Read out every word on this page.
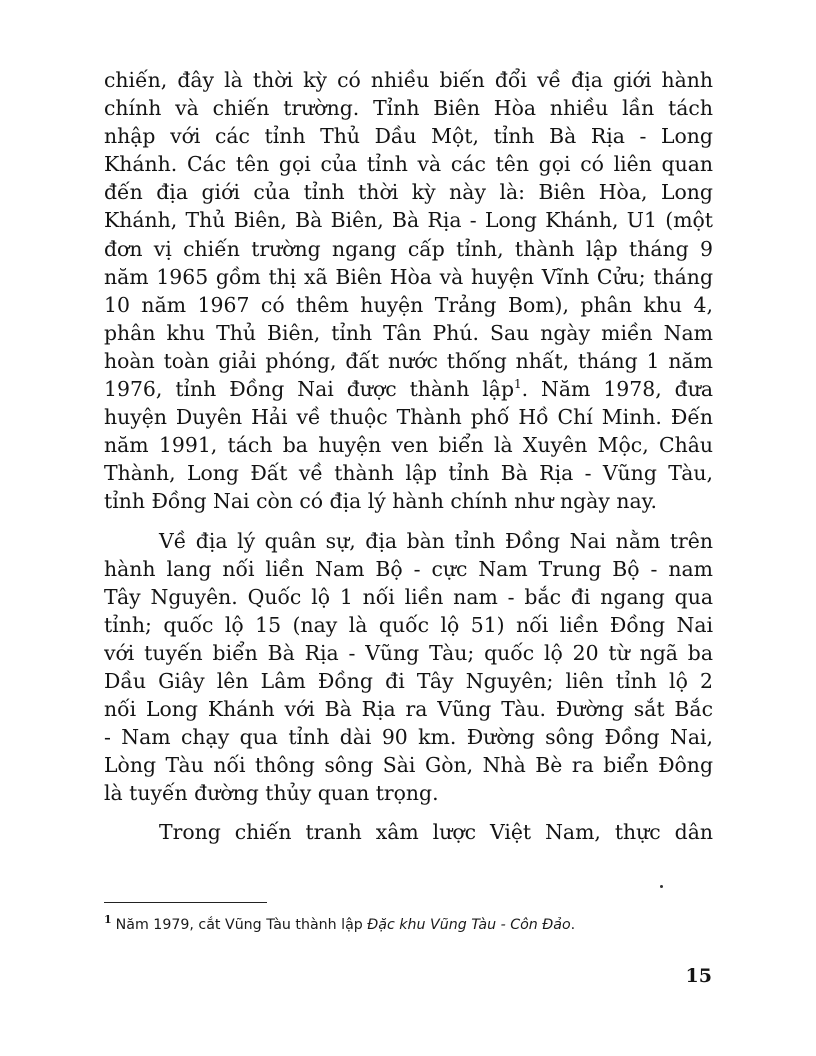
chiến, đây là thời kỳ có nhiều biến đổi về địa giới hành
chính và chiến trường. Tỉnh Biên Hòa nhiều lần tách
nhập với các tỉnh Thủ Dầu Một, tỉnh Bà Rịa - Long
Khánh. Các tên gọi của tỉnh và các tên gọi có liên quan
đến địa giới của tỉnh thời kỳ này là: Biên Hòa, Long
Khánh, Thủ Biên, Bà Biên, Bà Rịa - Long Khánh, U1 (một
đơn vị chiến trường ngang cấp tỉnh, thành lập tháng 9
năm 1965 gồm thị xã Biên Hòa và huyện Vĩnh Cửu; tháng
10 năm 1967 có thêm huyện Trảng Bom), phân khu 4,
phân khu Thủ Biên, tỉnh Tân Phú. Sau ngày miền Nam
hoàn toàn giải phóng, đất nước thống nhất, tháng 1 năm
1976, tỉnh Đồng Nai được thành lập$^1$. Năm 1978, đưa
huyện Duyên Hải về thuộc Thành phố Hồ Chí Minh. Đến
năm 1991, tách ba huyện ven biển là Xuyên Mộc, Châu
Thành, Long Đất về thành lập tỉnh Bà Rịa - Vũng Tàu,
tỉnh Đồng Nai còn có địa lý hành chính như ngày nay.

Về địa lý quân sự, địa bàn tỉnh Đồng Nai nằm trên
hành lang nối liền Nam Bộ - cực Nam Trung Bộ - nam
Tây Nguyên. Quốc lộ 1 nối liền nam - bắc đi ngang qua
tỉnh; quốc lộ 15 (nay là quốc lộ 51) nối liền Đồng Nai
với tuyến biển Bà Rịa - Vũng Tàu; quốc lộ 20 từ ngã ba
Dầu Giây lên Lâm Đồng đi Tây Nguyên; liên tỉnh lộ 2
nối Long Khánh với Bà Rịa ra Vũng Tàu. Đường sắt Bắc
- Nam chạy qua tỉnh dài 90 km. Đường sông Đồng Nai,
Lòng Tàu nối thông sông Sài Gòn, Nhà Bè ra biển Đông
là tuyến đường thủy quan trọng.

Trong chiến tranh xâm lược Việt Nam, thực dân

$^1$ Năm 1979, cắt Vũng Tàu thành lập Đặc khu Vũng Tàu - Côn Đảo.
15
